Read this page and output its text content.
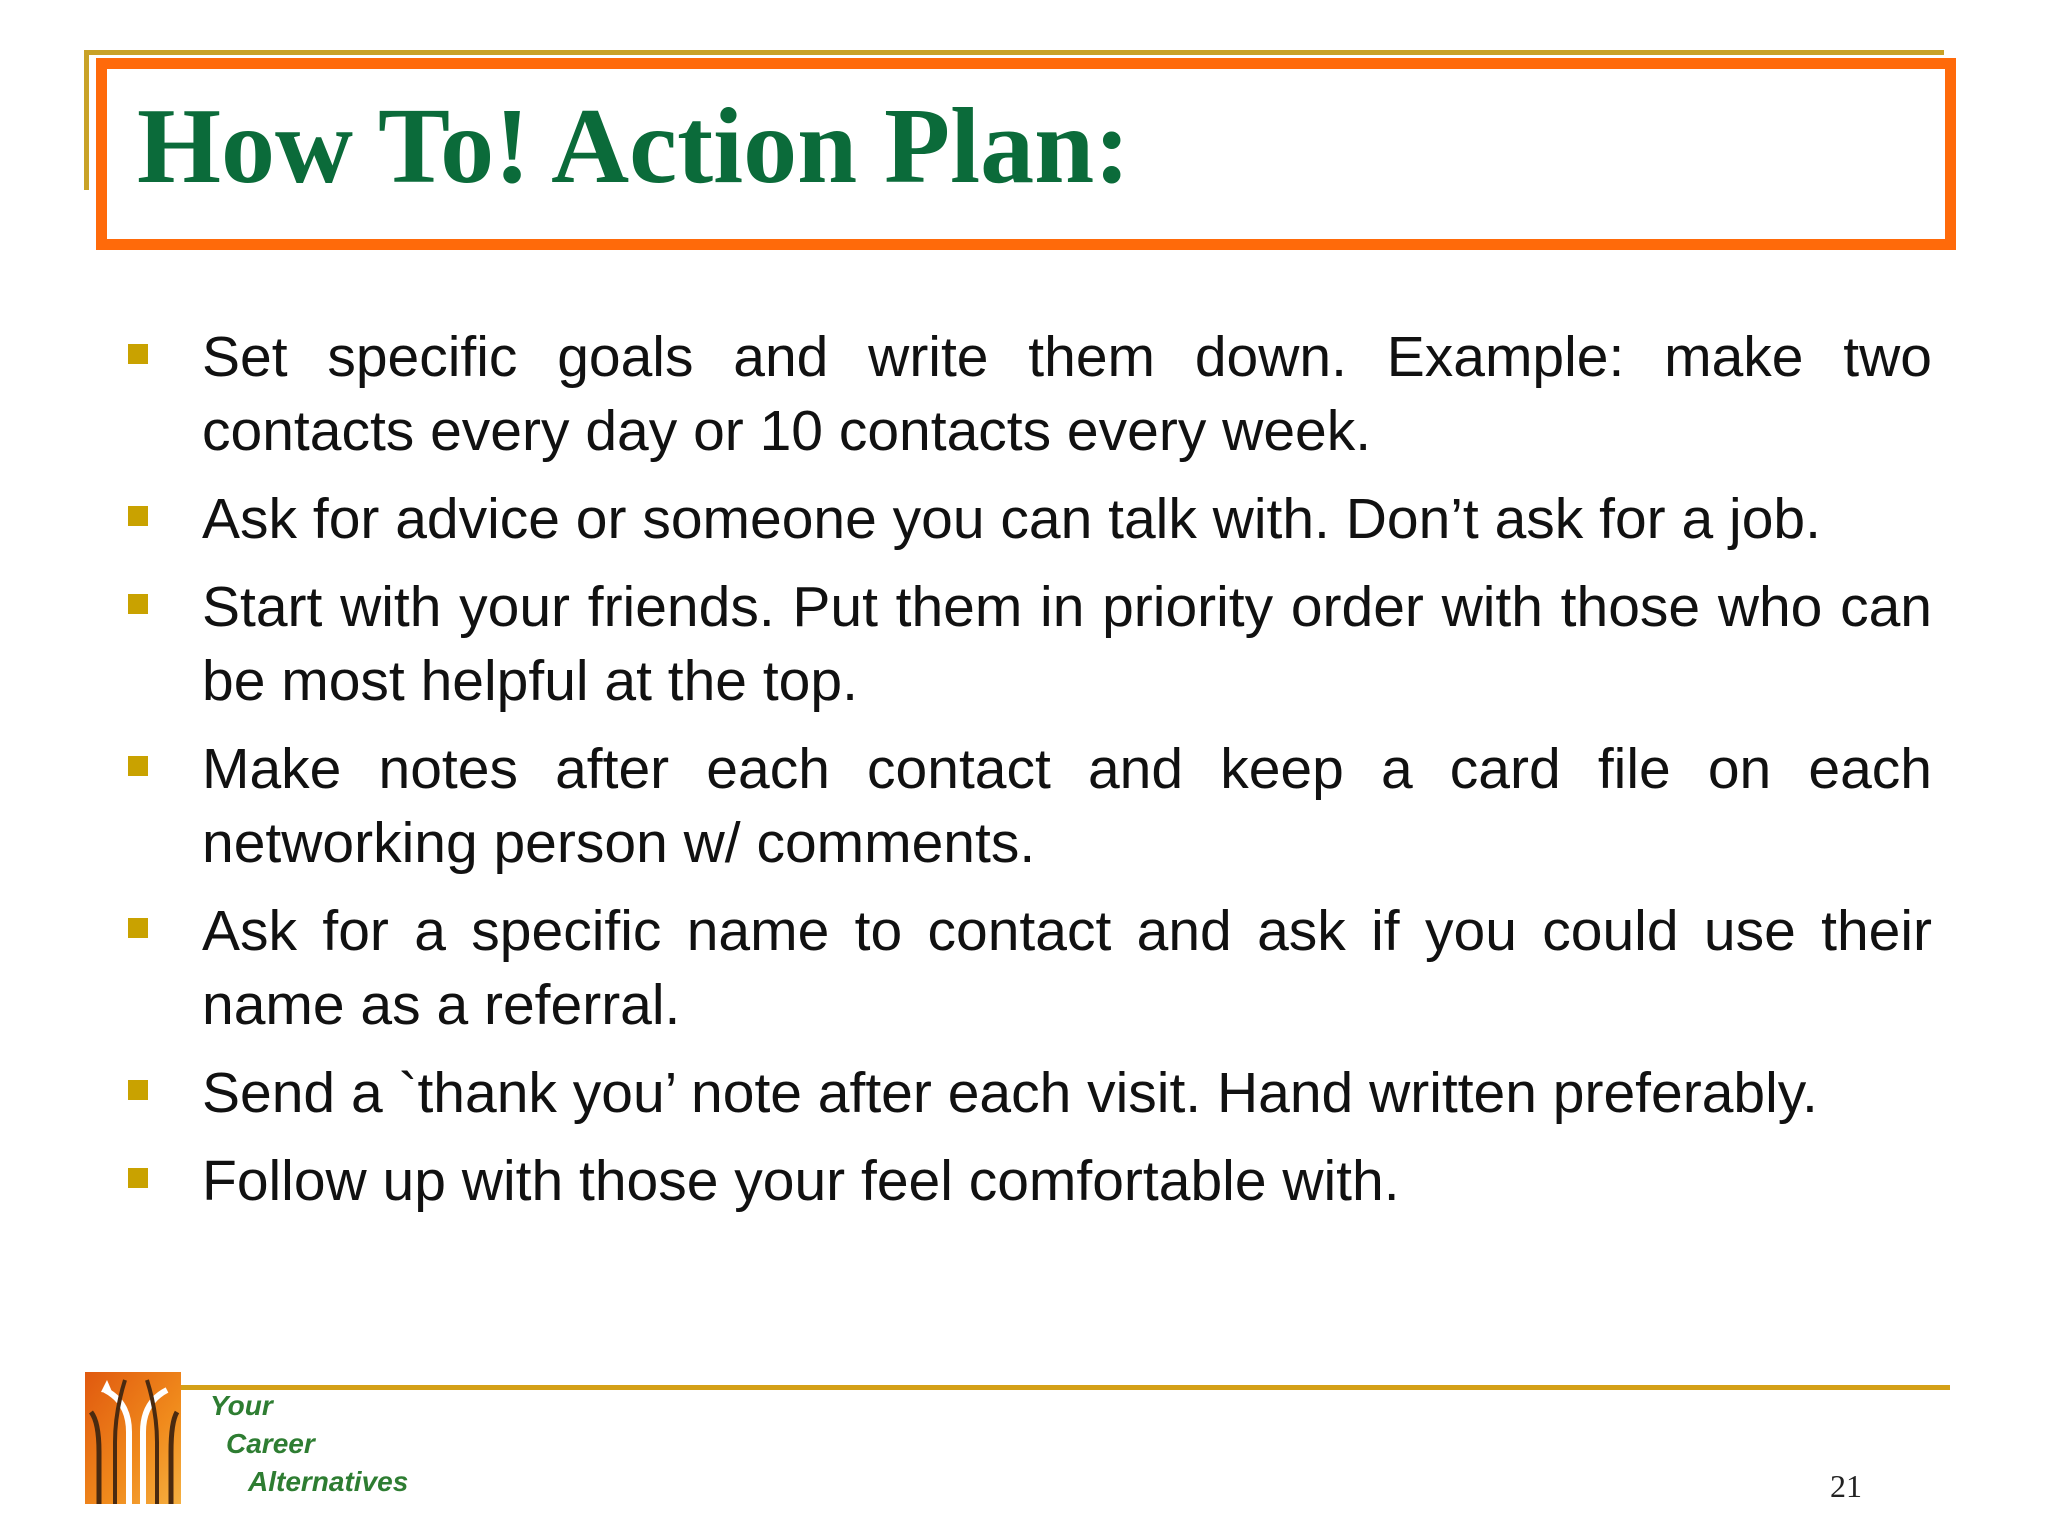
How To! Action Plan:
Set specific goals and write them down. Example: make two contacts every day or 10 contacts every week.
Ask for advice or someone you can talk with. Don’t ask for a job.
Start with your friends. Put them in priority order with those who can be most helpful at the top.
Make notes after each contact and keep a card file on each networking person w/ comments.
Ask for a specific name to contact and ask if you could use their name as a referral.
Send a `thank you’ note after each visit. Hand written preferably.
Follow up with those your feel comfortable with.
Your
Career
Alternatives	21
